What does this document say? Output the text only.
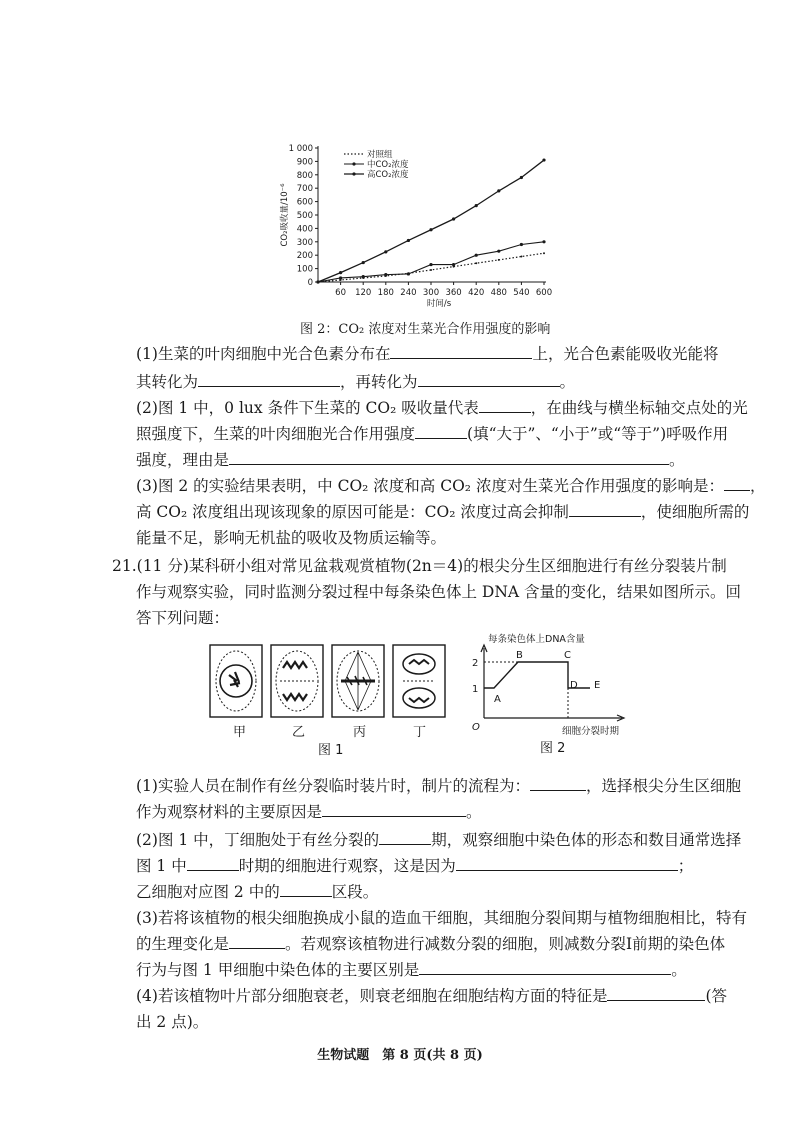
0
100
200
300
400
500
600
700
800
900
1 000
60 120 180 240 300 360 420 480 540 600
时间/s
CO₂吸收量/10⁻⁶
对照组
中CO₂浓度
高CO₂浓度
图 2：CO₂ 浓度对生菜光合作用强度的影响
(1)生菜的叶肉细胞中光合色素分布在	上，光合色素能吸收光能将
其转化为	，再转化为	。
(2)图 1 中，0 lux 条件下生菜的 CO₂ 吸收量代表	，在曲线与横坐标轴交点处的光
照强度下，生菜的叶肉细胞光合作用强度	(填“大于”、“小于”或“等于”)呼吸作用
强度，理由是	。
(3)图 2 的实验结果表明，中 CO₂ 浓度和高 CO₂ 浓度对生菜光合作用强度的影响是： ，
高 CO₂ 浓度组出现该现象的原因可能是：CO₂ 浓度过高会抑制	，使细胞所需的
能量不足，影响无机盐的吸收及物质运输等。
21.(11 分)某科研小组对常见盆栽观赏植物(2n＝4)的根尖分生区细胞进行有丝分裂装片制
作与观察实验，同时监测分裂过程中每条染色体上 DNA 含量的变化，结果如图所示。回
答下列问题：
甲	乙	丙	丁
图 1
每条染色体上DNA含量
2
1
A
B	C
D E
O	细胞分裂时期
图 2
(1)实验人员在制作有丝分裂临时装片时，制片的流程为：	，选择根尖分生区细胞
作为观察材料的主要原因是	。
(2)图 1 中，丁细胞处于有丝分裂的	期，观察细胞中染色体的形态和数目通常选择
图 1 中	时期的细胞进行观察，这是因为	；
乙细胞对应图 2 中的	区段。
(3)若将该植物的根尖细胞换成小鼠的造血干细胞，其细胞分裂间期与植物细胞相比，特有
的生理变化是	。若观察该植物进行减数分裂的细胞，则减数分裂Ⅰ前期的染色体
行为与图 1 甲细胞中染色体的主要区别是	。
(4)若该植物叶片部分细胞衰老，则衰老细胞在细胞结构方面的特征是	(答
出 2 点)。
生物试题　第 8 页(共 8 页)
